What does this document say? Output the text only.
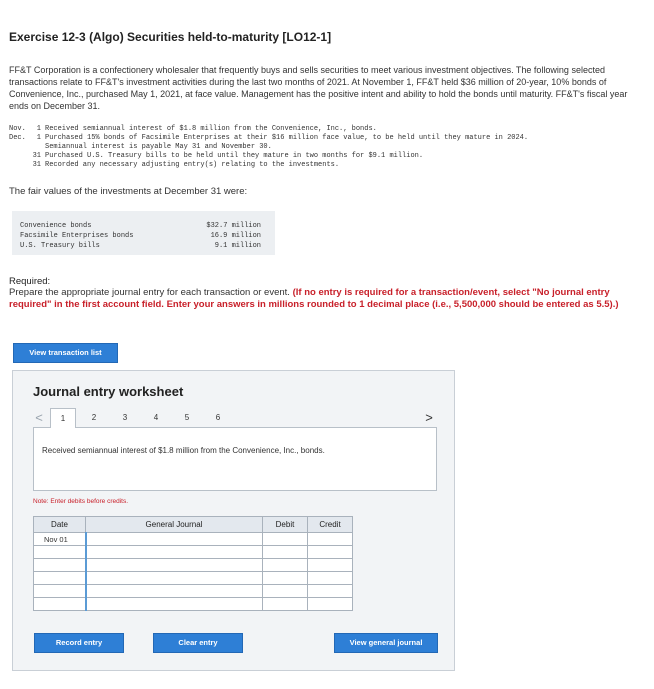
Exercise 12-3 (Algo) Securities held-to-maturity [LO12-1]
FF&T Corporation is a confectionery wholesaler that frequently buys and sells securities to meet various investment objectives. The following selected transactions relate to FF&T's investment activities during the last two months of 2021. At November 1, FF&T held $36 million of 20-year, 10% bonds of Convenience, Inc., purchased May 1, 2021, at face value. Management has the positive intent and ability to hold the bonds until maturity. FF&T's fiscal year ends on December 31.
Nov.	1 Received semiannual interest of $1.8 million from the Convenience, Inc., bonds.
Dec.	1 Purchased 15% bonds of Facsimile Enterprises at their $16 million face value, to be held until they mature in 2024.
Semiannual interest is payable May 31 and November 30.
31 Purchased U.S. Treasury bills to be held until they mature in two months for $9.1 million.
31 Recorded any necessary adjusting entry(s) relating to the investments.
The fair values of the investments at December 31 were:
Convenience bonds	$32.7 million
Facsimile Enterprises bonds	16.9 million
U.S. Treasury bills	9.1 million
Required:
Prepare the appropriate journal entry for each transaction or event. (If no entry is required for a transaction/event, select "No journal entry required" in the first account field. Enter your answers in millions rounded to 1 decimal place (i.e., 5,500,000 should be entered as 5.5).)
View transaction list
Journal entry worksheet
<	1	2	3	4	5	6	>
Received semiannual interest of $1.8 million from the Convenience, Inc., bonds.
Note: Enter debits before credits.
Date	General Journal	Debit	Credit
Nov 01			

Record entry	Clear entry	View general journal
